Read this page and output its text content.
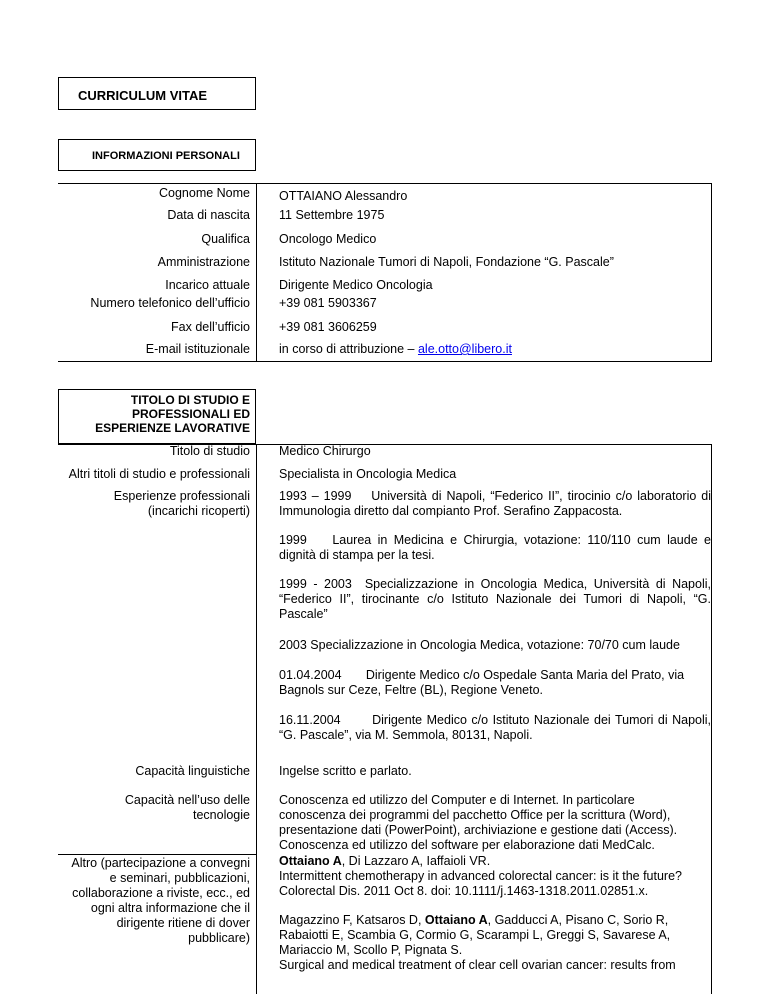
CURRICULUM VITAE
INFORMAZIONI PERSONALI
Cognome Nome OTTAIANO Alessandro
Data di nascita 11 Settembre 1975
Qualifica Oncologo Medico
Amministrazione Istituto Nazionale Tumori di Napoli, Fondazione “G. Pascale”
Incarico attuale Dirigente Medico Oncologia
Numero telefonico dell’ufficio +39 081 5903367
Fax dell’ufficio +39 081 3606259
E-mail istituzionale in corso di attribuzione – ale.otto@libero.it
TITOLO DI STUDIO E
PROFESSIONALI ED
ESPERIENZE LAVORATIVE
Titolo di studio Medico Chirurgo
Altri titoli di studio e professionali Specialista in Oncologia Medica
Esperienze professionali
(incarichi ricoperti)
1993 – 1999 Università di Napoli, “Federico II”, tirocinio c/o laboratorio di Immunologia diretto dal compianto Prof. Serafino Zappacosta.
1999 Laurea in Medicina e Chirurgia, votazione: 110/110 cum laude e dignità di stampa per la tesi.
1999 - 2003 Specializzazione in Oncologia Medica, Università di Napoli, “Federico II”, tirocinante c/o Istituto Nazionale dei Tumori di Napoli, “G. Pascale”
2003 Specializzazione in Oncologia Medica, votazione: 70/70 cum laude
01.04.2004 Dirigente Medico c/o Ospedale Santa Maria del Prato, via Bagnols sur Ceze, Feltre (BL), Regione Veneto.
16.11.2004	Dirigente Medico c/o Istituto Nazionale dei Tumori di Napoli, “G. Pascale”, via M. Semmola, 80131, Napoli.
Capacità linguistiche Ingelse scritto e parlato.
Capacità nell’uso delle
tecnologie
Conoscenza ed utilizzo del Computer e di Internet. In particolare
conoscenza dei programmi del pacchetto Office per la scrittura (Word),
presentazione dati (PowerPoint), archiviazione e gestione dati (Access).
Conoscenza ed utilizzo del software per elaborazione dati MedCalc.
Altro (partecipazione a convegni
e seminari, pubblicazioni,
collaborazione a riviste, ecc., ed
ogni altra informazione che il
dirigente ritiene di dover
pubblicare)
Ottaiano A, Di Lazzaro A, Iaffaioli VR.
Intermittent chemotherapy in advanced colorectal cancer: is it the future?
Colorectal Dis. 2011 Oct 8. doi: 10.1111/j.1463-1318.2011.02851.x.
Magazzino F, Katsaros D, Ottaiano A, Gadducci A, Pisano C, Sorio R,
Rabaiotti E, Scambia G, Cormio G, Scarampi L, Greggi S, Savarese A,
Mariaccio M, Scollo P, Pignata S.
Surgical and medical treatment of clear cell ovarian cancer: results from
